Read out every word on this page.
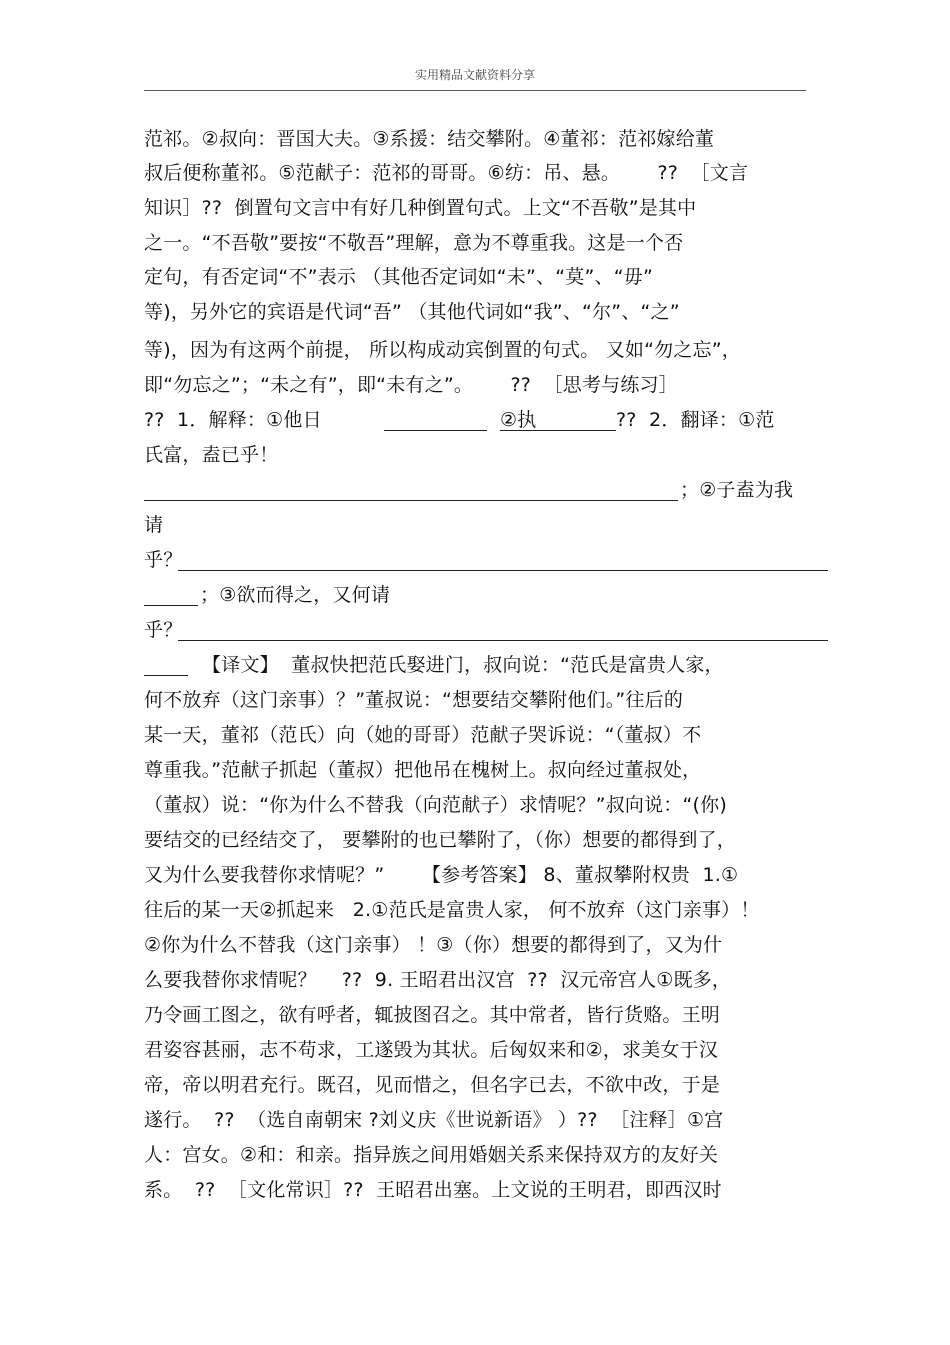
实用精品文献资料分享
范祁。②叔向：晋国大夫。③系援：结交攀附。④董祁：范祁嫁给董
叔后便称董祁。⑤范献子：范祁的哥哥。⑥纺：吊、悬。      ??  ［文言
知识］??  倒置句文言中有好几种倒置句式。上文“不吾敬”是其中
之一。“不吾敬”要按“不敬吾”理解，意为不尊重我。这是一个否
定句，有否定词“不”表示 （其他否定词如“未”、“莫”、“毋”
等)，另外它的宾语是代词“吾” （其他代词如“我”、“尔”、“之”
等)，因为有这两个前提， 所以构成动宾倒置的句式。 又如“勿之忘”，
即“勿忘之”；“未之有”，即“未有之”。      ??  ［思考与练习］
??  1．解释：①他日	②执	??  2．翻译：①范
氏富，盍已乎！
；②子盍为我
请
乎？
；③欲而得之，又何请
乎？
【译文】  董叔快把范氏娶进门，叔向说：“范氏是富贵人家，
何不放弃（这门亲事）？”董叔说：“想要结交攀附他们。”往后的
某一天，董祁（范氏）向（她的哥哥）范献子哭诉说：“（董叔）不
尊重我。”范献子抓起（董叔）把他吊在槐树上。叔向经过董叔处，
（董叔）说：“你为什么不替我（向范献子）求情呢？”叔向说：“(你)
要结交的已经结交了， 要攀附的也已攀附了，（你）想要的都得到了，
又为什么要我替你求情呢？”      【参考答案】 8、董叔攀附权贵  1.①
往后的某一天②抓起来   2.①范氏是富贵人家， 何不放弃（这门亲事）！
②你为什么不替我（这门亲事） ！③（你）想要的都得到了，又为什
么要我替你求情呢？    ??  9. 王昭君出汉宫  ??  汉元帝宫人①既多，
乃令画工图之，欲有呼者，辄披图召之。其中常者，皆行货赂。王明
君姿容甚丽，志不苟求，工遂毁为其状。后匈奴来和②，求美女于汉
帝，帝以明君充行。既召，见而惜之，但名字已去，不欲中改，于是
遂行。  ??  （选自南朝宋 ?刘义庆《世说新语》 ）??  ［注释］①宫
人：宫女。②和：和亲。指异族之间用婚姻关系来保持双方的友好关
系。  ??  ［文化常识］??  王昭君出塞。上文说的王明君，即西汉时
